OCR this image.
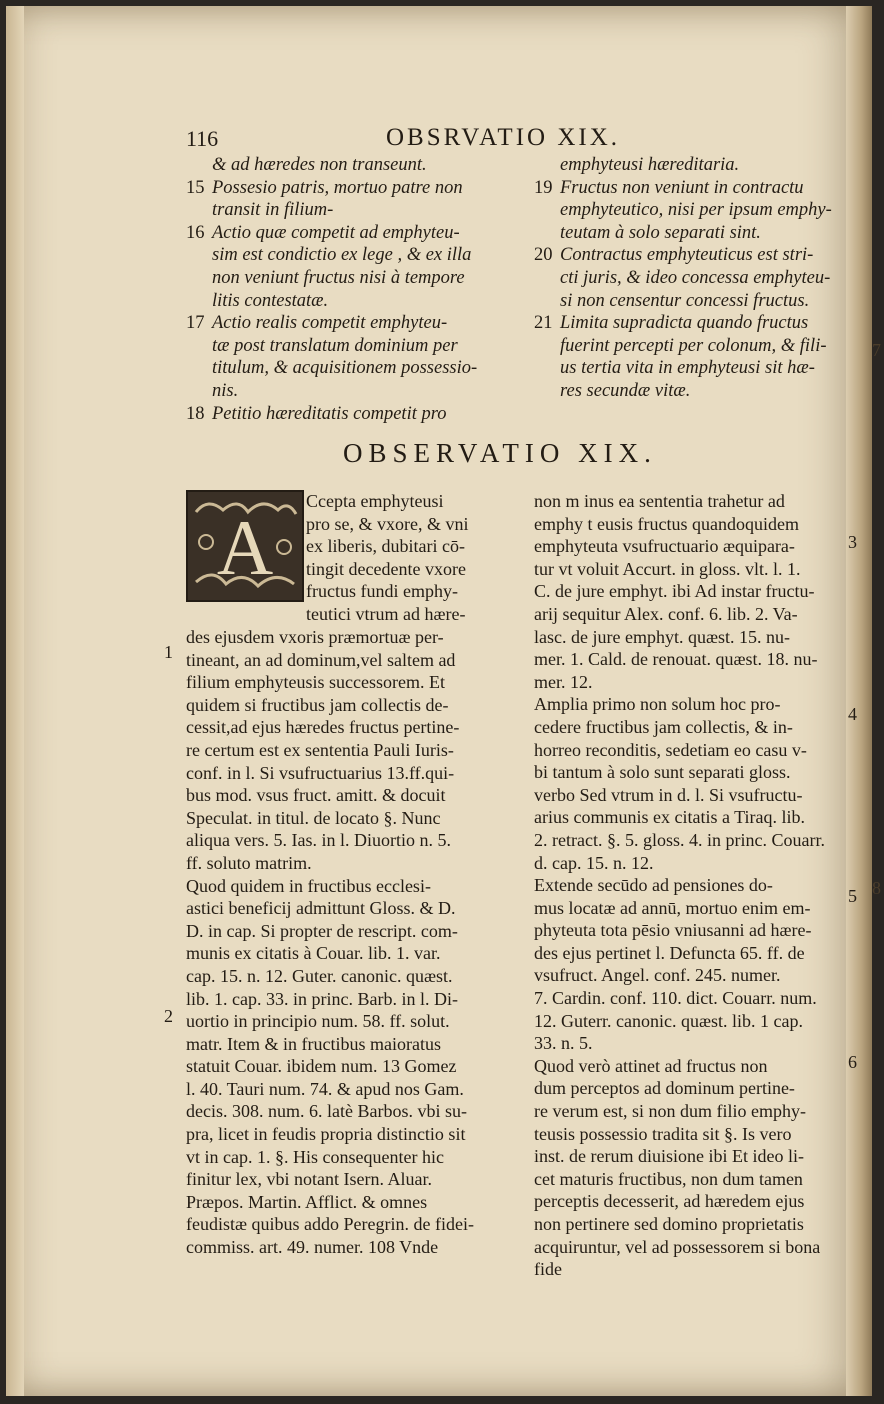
116	OBSRVATIO XIX.
& ad hæredes non transeunt.
15 Possesio patris, mortuo patre non
transit in filium-
16 Actio quæ competit ad emphyteu-
sim est condictio ex lege , & ex illa
non veniunt fructus nisi à tempore
litis contestatæ.
17 Actio realis competit emphyteu-
tæ post translatum dominium per
titulum, & acquisitionem possessio-
nis.
18 Petitio hæreditatis competit pro
emphyteusi hæreditaria.
19 Fructus non veniunt in contractu
emphyteutico, nisi per ipsum emphy-
teutam à solo separati sint.
20 Contractus emphyteuticus est stri-
cti juris, & ideo concessa emphyteu-
si non censentur concessi fructus.
21 Limita supradicta quando fructus
fuerint percepti per colonum, & fili-
us tertia vita in emphyteusi sit hæ-
res secundæ vitæ.
OBSERVATIO XIX.
A
Ccepta emphyteusi
pro se, & vxore, & vni
ex liberis, dubitari cō-
tingit decedente vxore
fructus fundi emphy-
teutici vtrum ad hære-
des ejusdem vxoris præmortuæ per-
tineant, an ad dominum,vel saltem ad
filium emphyteusis successorem. Et
quidem si fructibus jam collectis de-
cessit,ad ejus hæredes fructus pertine-
re certum est ex sententia Pauli Iuris-
conf. in l. Si vsufructuarius 13.ff.qui-
bus mod. vsus fruct. amitt. & docuit
Speculat. in titul. de locato §. Nunc
aliqua vers. 5. Ias. in l. Diuortio n. 5.
ff. soluto matrim.
Quod quidem in fructibus ecclesi-
astici beneficij admittunt Gloss. & D.
D. in cap. Si propter de rescript. com-
munis ex citatis à Couar. lib. 1. var.
cap. 15. n. 12. Guter. canonic. quæst.
lib. 1. cap. 33. in princ. Barb. in l. Di-
uortio in principio num. 58. ff. solut.
matr. Item & in fructibus maioratus
statuit Couar. ibidem num. 13 Gomez
l. 40. Tauri num. 74. & apud nos Gam.
decis. 308. num. 6. latè Barbos. vbi su-
pra, licet in feudis propria distinctio sit
vt in cap. 1. §. His consequenter hic
finitur lex, vbi notant Isern. Aluar.
Præpos. Martin. Afflict. & omnes
feudistæ quibus addo Peregrin. de fidei-
commiss. art. 49. numer. 108 Vnde
non m inus ea sententia trahetur ad
emphy t eusis fructus quandoquidem
emphyteuta vsufructuario æquipara-
tur vt voluit Accurt. in gloss. vlt. l. 1.
C. de jure emphyt. ibi Ad instar fructu-
arij sequitur Alex. conf. 6. lib. 2. Va-
lasc. de jure emphyt. quæst. 15. nu-
mer. 1. Cald. de renouat. quæst. 18. nu-
mer. 12.
Amplia primo non solum hoc pro-
cedere fructibus jam collectis, & in-
horreo reconditis, sedetiam eo casu v-
bi tantum à solo sunt separati gloss.
verbo Sed vtrum in d. l. Si vsufructu-
arius communis ex citatis a Tiraq. lib.
2. retract. §. 5. gloss. 4. in princ. Couarr.
d. cap. 15. n. 12.
Extende secūdo ad pensiones do-
mus locatæ ad annū, mortuo enim em-
phyteuta tota pēsio vniusanni ad hære-
des ejus pertinet l. Defuncta 65. ff. de
vsufruct. Angel. conf. 245. numer.
7. Cardin. conf. 110. dict. Couarr. num.
12. Guterr. canonic. quæst. lib. 1 cap.
33. n. 5.
Quod verò attinet ad fructus non
dum perceptos ad dominum pertine-
re verum est, si non dum filio emphy-
teusis possessio tradita sit §. Is vero
inst. de rerum diuisione ibi Et ideo li-
cet maturis fructibus, non dum tamen
perceptis decesserit, ad hæredem ejus
non pertinere sed domino proprietatis
acquiruntur, vel ad possessorem si bona
fide
1
2
3
4
5
6
7
8
